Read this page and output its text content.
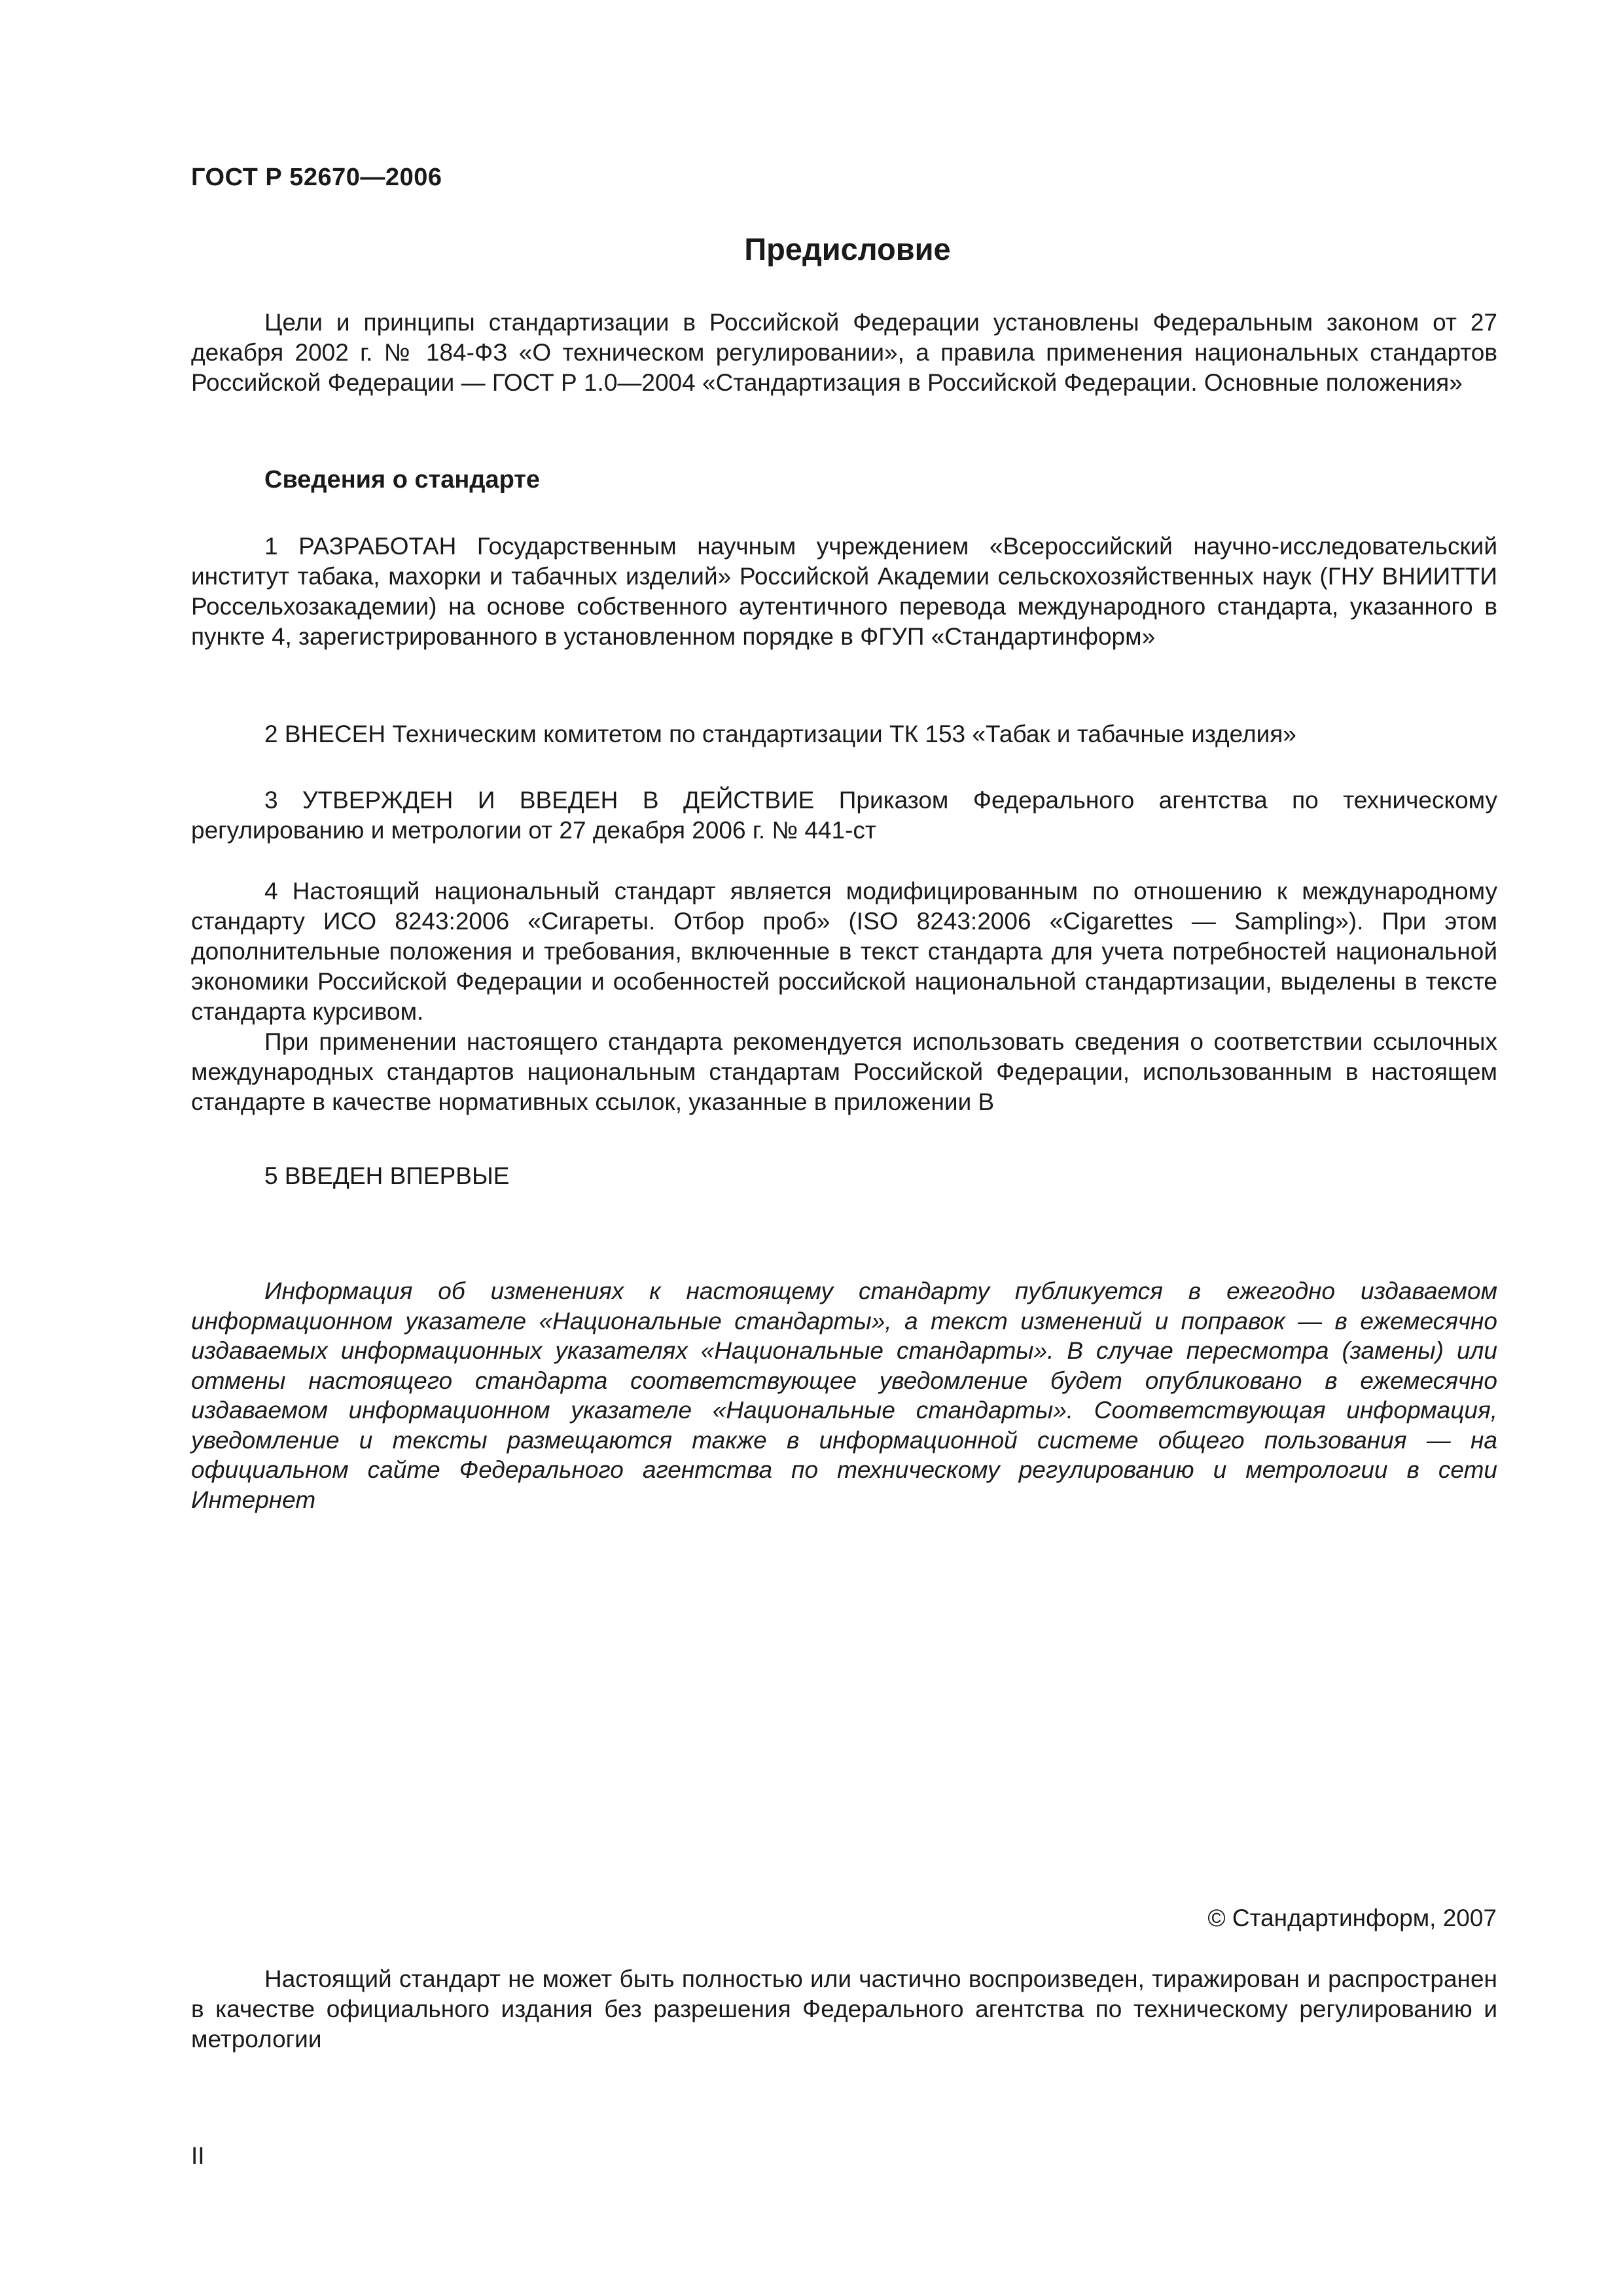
ГОСТ Р 52670—2006
Предисловие

Цели и принципы стандартизации в Российской Федерации установлены Федеральным законом от 27 декабря 2002 г. № 184-ФЗ «О техническом регулировании», а правила применения национальных стандартов Российской Федерации — ГОСТ Р 1.0—2004 «Стандартизация в Российской Федерации. Основные положения»

Сведения о стандарте

1 РАЗРАБОТАН Государственным научным учреждением «Всероссийский научно-исследовательский институт табака, махорки и табачных изделий» Российской Академии сельскохозяйственных наук (ГНУ ВНИИТТИ Россельхозакадемии) на основе собственного аутентичного перевода международного стандарта, указанного в пункте 4, зарегистрированного в установленном порядке в ФГУП «Стандартинформ»

2 ВНЕСЕН Техническим комитетом по стандартизации ТК 153 «Табак и табачные изделия»

3 УТВЕРЖДЕН И ВВЕДЕН В ДЕЙСТВИЕ Приказом Федерального агентства по техническому регулированию и метрологии от 27 декабря 2006 г. № 441-ст

4 Настоящий национальный стандарт является модифицированным по отношению к международному стандарту ИСО 8243:2006 «Сигареты. Отбор проб» (ISO 8243:2006 «Cigarettes — Sampling»). При этом дополнительные положения и требования, включенные в текст стандарта для учета потребностей национальной экономики Российской Федерации и особенностей российской национальной стандартизации, выделены в тексте стандарта курсивом.

При применении настоящего стандарта рекомендуется использовать сведения о соответствии ссылочных международных стандартов национальным стандартам Российской Федерации, использованным в настоящем стандарте в качестве нормативных ссылок, указанные в приложении В

5 ВВЕДЕН ВПЕРВЫЕ

Информация об изменениях к настоящему стандарту публикуется в ежегодно издаваемом информационном указателе «Национальные стандарты», а текст изменений и поправок — в ежемесячно издаваемых информационных указателях «Национальные стандарты». В случае пересмотра (замены) или отмены настоящего стандарта соответствующее уведомление будет опубликовано в ежемесячно издаваемом информационном указателе «Национальные стандарты». Соответствующая информация, уведомление и тексты размещаются также в информационной системе общего пользования — на официальном сайте Федерального агентства по техническому регулированию и метрологии в сети Интернет

© Стандартинформ, 2007

Настоящий стандарт не может быть полностью или частично воспроизведен, тиражирован и распространен в качестве официального издания без разрешения Федерального агентства по техническому регулированию и метрологии

II
